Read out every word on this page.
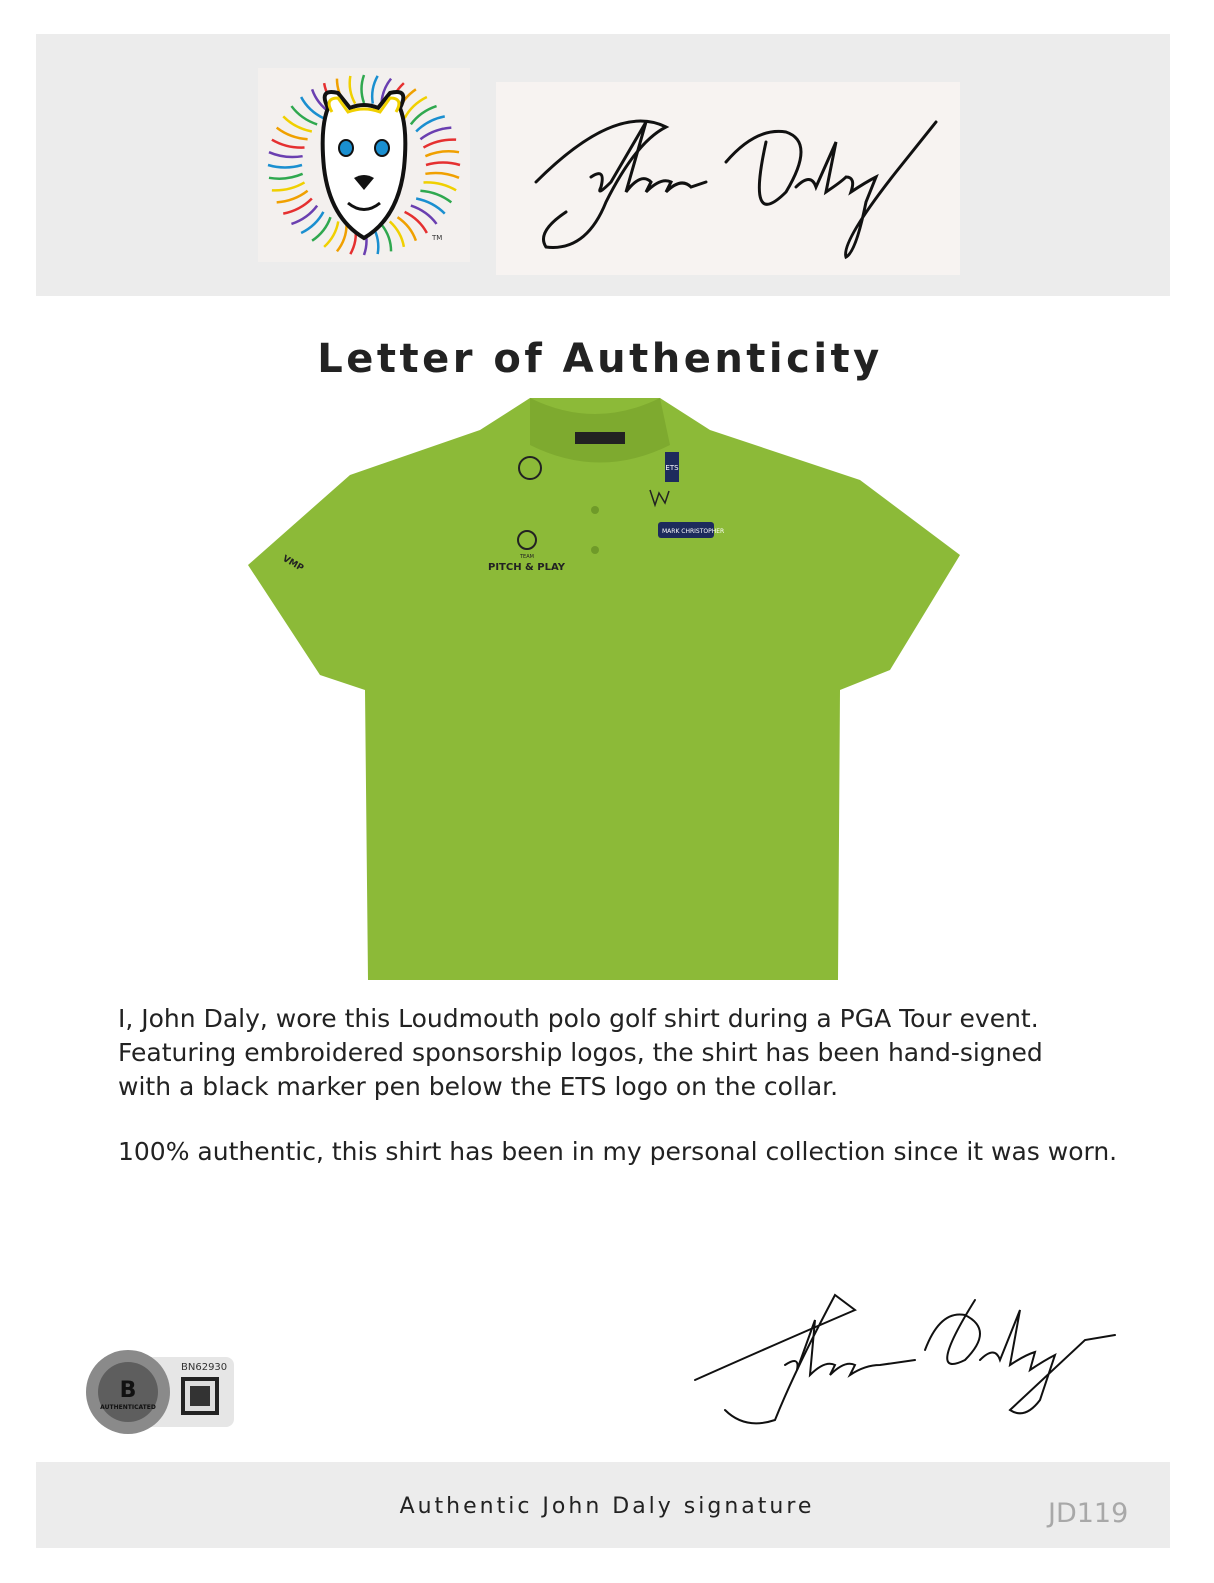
TM
Letter of Authenticity
ETS
TEAM
PITCH & PLAY
MARK CHRISTOPHER
VMP
I, John Daly, wore this Loudmouth polo golf shirt during a PGA Tour event.
Featuring embroidered sponsorship logos, the shirt has been hand-signed
with a black marker pen below the ETS logo on the collar.
100% authentic, this shirt has been in my personal collection since it was worn.
B
AUTHENTICATED
BN62930
Authentic John Daly signature	JD119
